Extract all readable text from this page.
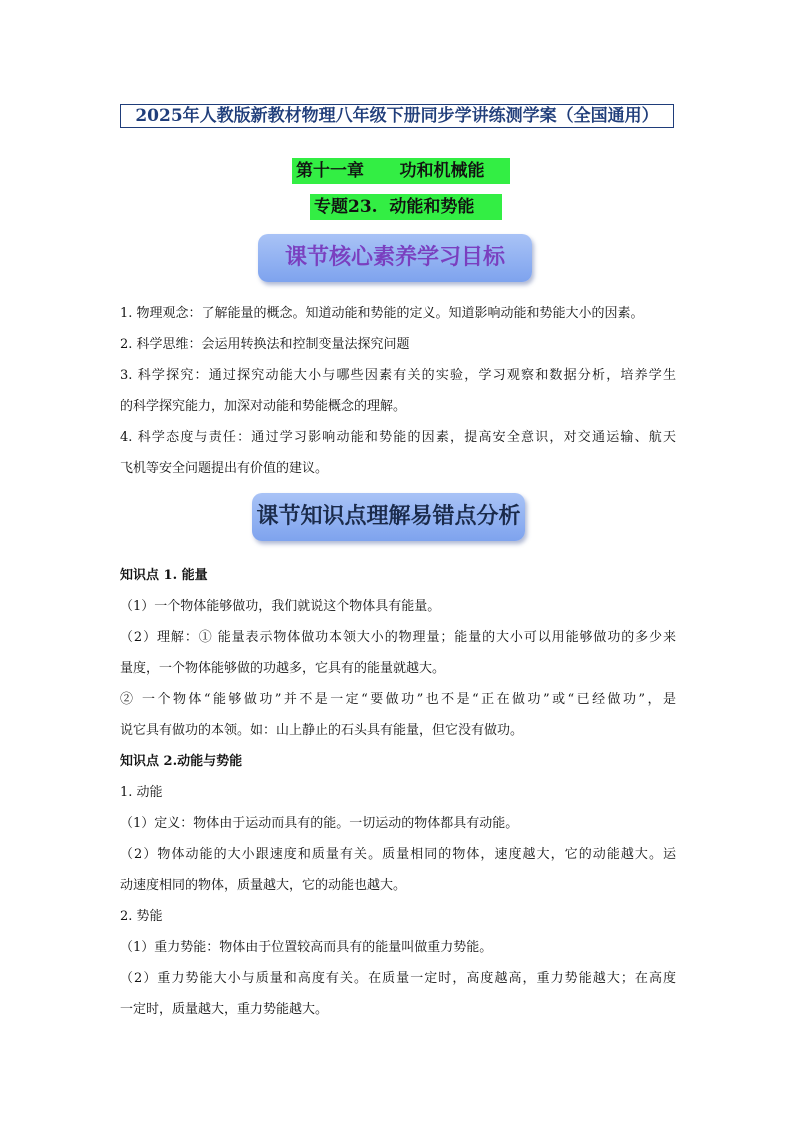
2025年人教版新教材物理八年级下册同步学讲练测学案（全国通用）
第十一章      功和机械能
专题23.  动能和势能
课节核心素养学习目标
1. 物理观念：了解能量的概念。知道动能和势能的定义。知道影响动能和势能大小的因素。
2. 科学思维：会运用转换法和控制变量法探究问题
3. 科学探究：通过探究动能大小与哪些因素有关的实验，学习观察和数据分析，培养学生
的科学探究能力，加深对动能和势能概念的理解。
4. 科学态度与责任：通过学习影响动能和势能的因素，提高安全意识，对交通运输、航天
飞机等安全问题提出有价值的建议。
课节知识点理解易错点分析
知识点 1. 能量
（1）一个物体能够做功，我们就说这个物体具有能量。
（2）理解：① 能量表示物体做功本领大小的物理量；能量的大小可以用能够做功的多少来
量度，一个物体能够做的功越多，它具有的能量就越大。
② 一个物体“能够做功”并不是一定“要做功”也不是“正在做功”或“已经做功”，是
说它具有做功的本领。如：山上静止的石头具有能量，但它没有做功。
知识点 2.动能与势能
1. 动能
（1）定义：物体由于运动而具有的能。一切运动的物体都具有动能。
（2）物体动能的大小跟速度和质量有关。质量相同的物体，速度越大，它的动能越大。运
动速度相同的物体，质量越大，它的动能也越大。
2. 势能
（1）重力势能：物体由于位置较高而具有的能量叫做重力势能。
（2）重力势能大小与质量和高度有关。在质量一定时，高度越高，重力势能越大；在高度
一定时，质量越大，重力势能越大。
